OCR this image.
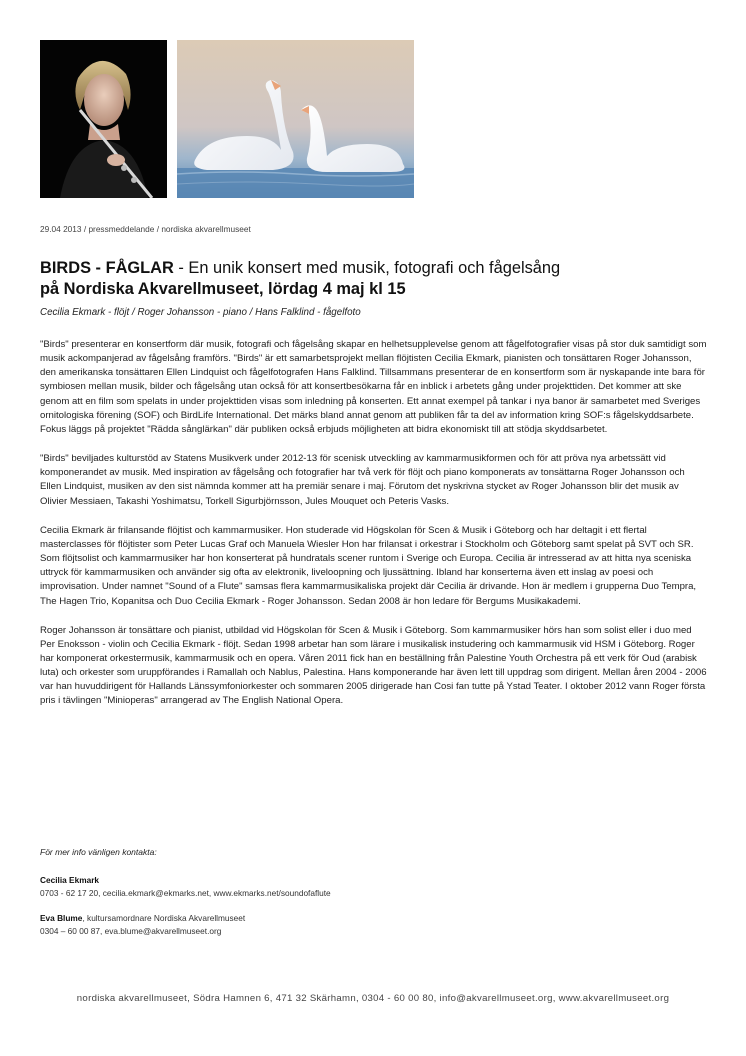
29.04 2013 / pressmeddelande / nordiska akvarellmuseet
BIRDS - FÅGLAR - En unik konsert med musik, fotografi och fågelsång
på Nordiska Akvarellmuseet, lördag 4 maj kl 15
Cecilia Ekmark - flöjt / Roger Johansson - piano / Hans Falklind - fågelfoto

"Birds" presenterar en konsertform där musik, fotografi och fågelsång skapar en helhetsupplevelse genom att fågelfotografier visas på stor duk samtidigt som musik ackompanjerad av fågelsång framförs. "Birds" är ett samarbetsprojekt mellan flöjtisten Cecilia Ekmark, pianisten och tonsättaren Roger Johansson, den amerikanska tonsättaren Ellen Lindquist och fågelfotografen Hans Falklind. Tillsammans presenterar de en konsertform som är nyskapande inte bara för symbiosen mellan musik, bilder och fågelsång utan också för att konsertbesökarna får en inblick i arbetets gång under projekttiden. Det kommer att ske genom att en film som spelats in under projekttiden visas som inledning på konserten. Ett annat exempel på tankar i nya banor är samarbetet med Sveriges ornitologiska förening (SOF) och BirdLife International. Det märks bland annat genom att publiken får ta del av information kring SOF:s fågelskyddsarbete. Fokus läggs på projektet "Rädda sånglärkan" där publiken också erbjuds möjligheten att bidra ekonomiskt till att stödja skyddsarbetet.

"Birds" beviljades kulturstöd av Statens Musikverk under 2012-13 för scenisk utveckling av kammarmusikformen och för att pröva nya arbetssätt vid komponerandet av musik. Med inspiration av fågelsång och fotografier har två verk för flöjt och piano komponerats av tonsättarna Roger Johansson och Ellen Lindquist, musiken av den sist nämnda kommer att ha premiär senare i maj. Förutom det nyskrivna stycket av Roger Johansson blir det musik av Olivier Messiaen, Takashi Yoshimatsu, Torkell Sigurbjörnsson, Jules Mouquet och Peteris Vasks.

Cecilia Ekmark är frilansande flöjtist och kammarmusiker. Hon studerade vid Högskolan för Scen & Musik i Göteborg och har deltagit i ett flertal masterclasses för flöjtister som Peter Lucas Graf och Manuela Wiesler Hon har frilansat i orkestrar i Stockholm och Göteborg samt spelat på SVT och SR. Som flöjtsolist och kammarmusiker har hon konserterat på hundratals scener runtom i Sverige och Europa. Cecilia är intresserad av att hitta nya sceniska uttryck för kammarmusiken och använder sig ofta av elektronik, liveloopning och ljussättning. Ibland har konserterna även ett inslag av poesi och improvisation. Under namnet "Sound of a Flute" samsas flera kammarmusikaliska projekt där Cecilia är drivande. Hon är medlem i grupperna Duo Tempra, The Hagen Trio, Kopanitsa och Duo Cecilia Ekmark - Roger Johansson. Sedan 2008 är hon ledare för Bergums Musikakademi.

Roger Johansson är tonsättare och pianist, utbildad vid Högskolan för Scen & Musik i Göteborg. Som kammarmusiker hörs han som solist eller i duo med Per Enoksson - violin och Cecilia Ekmark - flöjt. Sedan 1998 arbetar han som lärare i musikalisk instudering och kammarmusik vid HSM i Göteborg. Roger har komponerat orkestermusik, kammarmusik och en opera. Våren 2011 fick han en beställning från Palestine Youth Orchestra på ett verk för Oud (arabisk luta) och orkester som uruppförandes i Ramallah och Nablus, Palestina. Hans komponerande har även lett till uppdrag som dirigent. Mellan åren 2004 - 2006 var han huvuddirigent för Hallands Länssymfoniorkester och sommaren 2005 dirigerade han Cosi fan tutte på Ystad Teater. I oktober 2012 vann Roger första pris i tävlingen "Minioperas" arrangerad av The English National Opera.

För mer info vänligen kontakta:
Cecilia Ekmark
0703 - 62 17 20, cecilia.ekmark@ekmarks.net, www.ekmarks.net/soundofaflute
Eva Blume, kultursamordnare Nordiska Akvarellmuseet
0304 – 60 00 87, eva.blume@akvarellmuseet.org
nordiska akvarellmuseet, Södra Hamnen 6, 471 32 Skärhamn, 0304 - 60 00 80, info@akvarellmuseet.org, www.akvarellmuseet.org
